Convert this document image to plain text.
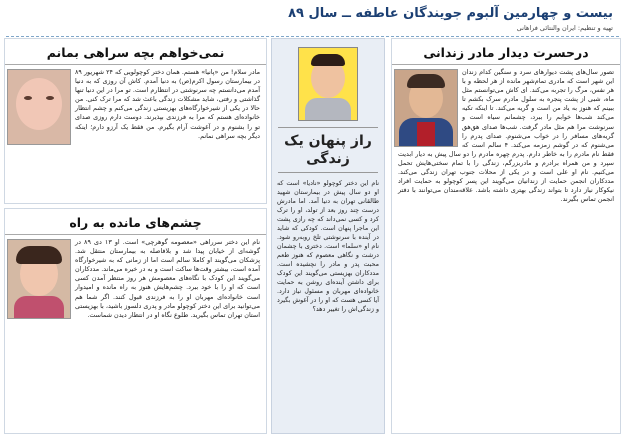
بیست و چهارمین آلبوم جویندگان عاطفه ــ سال ۸۹
تهیه و تنظیم: ایران والنتائی فراهانی
درحسرت دیدار مادر زندانی
تصور سال‌های پشت دیوارهای سرد و سنگین کدام زندان این شهر است که مادری تمام‌شهر مانده از هر لحظه و با هر نفس، مرگ را تجربه می‌کند. ای کاش می‌توانستم مثل ماه، شبی از پشت پنجره به سلول مادرم سرک بکشم تا ببینم که هنوز به یاد من است و گریه می‌کند. تا اینکه تکیه می‌کند شب‌ها خوابم را ببرد، چشمانم سیاه است و سرنوشت مرا هم مثل مادر گرفت. شب‌ها صدای هق‌هق گریه‌های مسافر را در خواب می‌شنوم. صدای پدرم را می‌شنوم که در گوشم زمزمه می‌کند. ۴ سالم است که فقط نام مادرم را به خاطر دارم. پدرم چهره مادرم را دو سال پیش به دیار ابدیت سپرد و من همراه برادرم و مادربزرگم، زندگی را با تمام سختی‌هایش تحمل می‌کنیم. نام او علی است و در یکی از محلات جنوب تهران زندگی می‌کند. مددکاران انجمن حمایت از زندانیان می‌گویند این پسر کوچولو به حمایت افراد نیکوکار نیاز دارد تا بتواند زندگی بهتری داشته باشد. علاقه‌مندان می‌توانند با دفتر انجمن تماس بگیرند.
راز پنهان یک زندگی
نام این دختر کوچولو «نادیا» است که او دو سال پیش در بیمارستان شهید طالقانی تهران به دنیا آمد. اما مادرش درست چند روز بعد از تولد، او را ترک کرد و کسی نمی‌داند که چه رازی پشت این ماجرا پنهان است. کودکی که شاید در آینده با سرنوشتی تلخ روبه‌رو شود. نام او «سلما» است. دختری با چشمان درشت و نگاهی معصوم که هنوز طعم محبت پدر و مادر را نچشیده است. مددکاران بهزیستی می‌گویند این کودک برای داشتن آینده‌ای روشن به حمایت خانواده‌ای مهربان و مسئول نیاز دارد. آیا کسی هست که او را در آغوش بگیرد و زندگی‌اش را تغییر دهد؟
نمی‌خواهم بچه سراهی بمانم
مادر سلام! من «پانیا» هستم. همان دختر کوچولویی که ۲۴ شهریور ۸۹ در بیمارستان رسول اکرم(ص) به دنیا آمدم. کاش آن روزی که به دنیا آمدم می‌دانستم چه سرنوشتی در انتظارم است. تو مرا در این دنیا تنها گذاشتی و رفتی، شاید مشکلات زندگی باعث شد که مرا ترک کنی. من حالا در یکی از شیرخوارگاه‌های بهزیستی زندگی می‌کنم و چشم انتظار خانواده‌ای هستم که مرا به فرزندی بپذیرند. دوست دارم روزی صدای تو را بشنوم و در آغوشت آرام بگیرم. من فقط یک آرزو دارم؛ اینکه دیگر بچه سراهی نمانم.
چشم‌های مانده به راه
نام این دختر سرراهی «معصومه گوهرچی» است. او ۱۳ دی ۸۹ در گوشه‌ای از خیابان پیدا شد و بلافاصله به بیمارستان منتقل شد. پزشکان می‌گویند او کاملا سالم است اما از زمانی که به شیرخوارگاه آمده است، بیشتر وقت‌ها ساکت است و به در خیره می‌ماند. مددکاران می‌گویند این کودک با نگاه‌های معصومش هر روز منتظر آمدن کسی است که او را با خود ببرد. چشم‌هایش هنوز به راه مانده و امیدوار است خانواده‌ای مهربان او را به فرزندی قبول کنند. اگر شما هم می‌توانید برای این دختر کوچولو مادر و پدری دلسوز باشید، با بهزیستی استان تهران تماس بگیرید. طلوع نگاه او در انتظار دیدن شماست.
